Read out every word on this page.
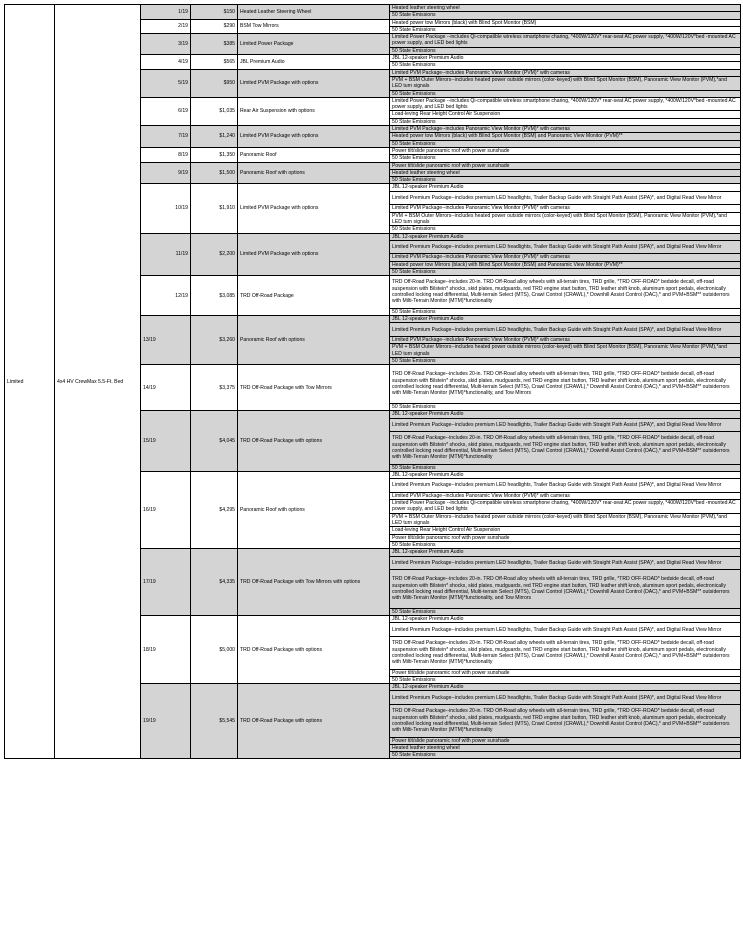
Limited	4x4 HV CrewMax 5.5-Ft. Bed	1/19	$150	Heated Leather Steering Wheel	Heated leather steering wheel
					50 State Emissions
		2/19	$290	BSM Tow Mirrors	Heated power tow Mirrors (black) with Blind Spot Monitor (BSM)
					50 State Emissions
		3/19	$385	Limited Power Package	Limited Power Package --includes Qi-compatible wireless smartphone charing, *400W/120V* rear-seat AC power supply, *400W/120V*bed -mounted AC power supply, and LED bed lights
					50 State Emissions
		4/19	$565	JBL Premium Audio	JBL 12-speaker Premium Audio
					50 State Emissions
		5/19	$950	Limited PVM Package with options	Limited PVM Package--includes Panoramic View Monitor (PVM)* with cameras
					PVM + BSM Outer Mirrors--includes heated power outside mirrors (color-keyed) with Blind Spot Monitor (BSM), Panoramic View Monitor (PVM),*and LED turn signals
					50 State Emissions
		6/19	$1,035	Rear Air Suspension with options	Limited Power Package --includes Qi-compatible wireless smartphone charing, *400W/120V* rear-seat AC power supply, *400W/120V*bed -mounted AC power supply, and LED bed lights
					Load-leving Rear Height Control Air Suspension
					50 State Emissions
		7/19	$1,240	Limited PVM Package with options	Limited PVM Package--includes Panoramic View Monitor (PVM)* with cameras
					Heated power tow Mirrors (black) with Blind Spot Monitor (BSM) and Panoramic View Monitor (PVM)**
					50 State Emissions
		8/19	$1,350	Panoramic Roof	Power tilt/slide panoramic roof with power sunshade
					50 State Emissions
		9/19	$1,500	Panoramic Roof with options	Power tilt/slide panoramic roof with power sunshade
					Heated leather steering wheel
					50 State Emissions
		10/19	$1,910	Limited PVM Package with options	JBL 12-speaker Premium Audio
					Limited Premium Package--includes premium LED headlights, Trailer Backup Guide with Straight Path Assist (SPA)*, and Digital Read View Mirror
					Limited PVM Package--includes Panoramic View Monitor (PVM)* with cameras
					PVM + BSM Outer Mirrors--includes heated power outside mirrors (color-keyed) with Blind Spot Monitor (BSM), Panoramic View Monitor (PVM),*and LED turn signals
					50 State Emissions
		11/19	$2,200	Limited PVM Package with options	JBL 12-speaker Premium Audio
					Limited Premium Package--includes premium LED headlights, Trailer Backup Guide with Straight Path Assist (SPA)*, and Digital Read View Mirror
					Limited PVM Package--includes Panoramic View Monitor (PVM)* with cameras
					Heated power tow Mirrors (black) with Blind Spot Monitor (BSM) and Panoramic View Monitor (PVM)**
					50 State Emissions
		12/19	$3,085	TRD Off-Road Package	TRD Off-Road Package--includes 20-in. TRD Off-Road alloy wheels with all-terrain tires, TRD grille, *TRD OFF-ROAD* bedside decall, off-road suspension with Bilstein* shocks, skid plates, mudguards, red TRD engine start button, TRD leather shift knob, aluminum sport pedals, electronically controlled locking read differential, Multi-terrain Select (MTS), Crawl Control (CRAWL),* Downhill Assist Control (DAC),* and PVM+BSM** outsiderrors with Milti-Terrain Monitor (MTM)*functionality
					50 State Emissions
		13/19	$3,260	Panoramic Roof with options	JBL 12-speaker Premium Audio
					Limited Premium Package--includes premium LED headlights, Trailer Backup Guide with Straight Path Assist (SPA)*, and Digital Read View Mirror
					Limited PVM Package--includes Panoramic View Monitor (PVM)* with cameras
					PVM + BSM Outer Mirrors--includes heated power outside mirrors (color-keyed) with Blind Spot Monitor (BSM), Panoramic View Monitor (PVM),*and LED turn signals
					50 State Emissions
		14/19	$3,375	TRD Off-Road Package with Tow Mirrors	TRD Off-Road Package--includes 20-in. TRD Off-Road alloy wheels with all-terrain tires, TRD grille, *TRD OFF-ROAD* bedside decall, off-road suspension with Bilstein* shocks, skid plates, mudguards, red TRD engine start button, TRD leather shift knob, aluminum sport pedals, electronically controlled locking read differential, Multi-terrain Select (MTS), Crawl Control (CRAWL),* Downhill Assist Control (DAC),* and PVM+BSM** outsiderrors with Milti-Terrain Monitor (MTM)*functionality, and Tow Mirrors
					50 State Emissions
		15/19	$4,045	TRD Off-Road Package with options	JBL 12-speaker Premium Audio
					Limited Premium Package--includes premium LED headlights, Trailer Backup Guide with Straight Path Assist (SPA)*, and Digital Read View Mirror
					TRD Off-Road Package--includes 20-in. TRD Off-Road alloy wheels with all-terrain tires, TRD grille, *TRD OFF-ROAD* bedside decall, off-road suspension with Bilstein* shocks, skid plates, mudguards, red TRD engine start button, TRD leather shift knob, aluminum sport pedals, electronically controlled locking read differential, Multi-terrain Select (MTS), Crawl Control (CRAWL),* Downhill Assist Control (DAC),* and PVM+BSM** outsiderrors with Milti-Terrain Monitor (MTM)*functionality
					50 State Emissions
		16/19	$4,295	Panoramic Roof with options	JBL 12-speaker Premium Audio
					Limited Premium Package--includes premium LED headlights, Trailer Backup Guide with Straight Path Assist (SPA)*, and Digital Read View Mirror
					Limited PVM Package--includes Panoramic View Monitor (PVM)* with cameras
					Limited Power Package --includes Qi-compatible wireless smartphone charing, *400W/120V* rear-seat AC power supply, *400W/120V*bed -mounted AC power supply, and LED bed lights
					PVM + BSM Outer Mirrors--includes heated power outside mirrors (color-keyed) with Blind Spot Monitor (BSM), Panoramic View Monitor (PVM),*and LED turn signals
					Load-leving Rear Height Control Air Suspension
					Power tilt/slide panoramic roof with power sunshade
					50 State Emissions
		17/19	$4,335	TRD Off-Road Package with Tow Mirrors with options	JBL 12-speaker Premium Audio
					Limited Premium Package--includes premium LED headlights, Trailer Backup Guide with Straight Path Assist (SPA)*, and Digital Read View Mirror
					TRD Off-Road Package--includes 20-in. TRD Off-Road alloy wheels with all-terrain tires, TRD grille, *TRD OFF-ROAD* bedside decall, off-road suspension with Bilstein* shocks, skid plates, mudguards, red TRD engine start button, TRD leather shift knob, aluminum sport pedals, electronically controlled locking read differential, Multi-terrain Select (MTS), Crawl Control (CRAWL),* Downhill Assist Control (DAC),* and PVM+BSM** outsiderrors with Milti-Terrain Monitor (MTM)*functionality, and Tow Mirrors
					50 State Emissions
		18/19	$5,000	TRD Off-Road Package with options	JBL 12-speaker Premium Audio
					Limited Premium Package--includes premium LED headlights, Trailer Backup Guide with Straight Path Assist (SPA)*, and Digital Read View Mirror
					TRD Off-Road Package--includes 20-in. TRD Off-Road alloy wheels with all-terrain tires, TRD grille, *TRD OFF-ROAD* bedside decall, off-road suspension with Bilstein* shocks, skid plates, mudguards, red TRD engine start button, TRD leather shift knob, aluminum sport pedals, electronically controlled locking read differential, Multi-terrain Select (MTS), Crawl Control (CRAWL),* Downhill Assist Control (DAC),* and PVM+BSM** outsiderrors with Milti-Terrain Monitor (MTM)*functionality
					Power tilt/slide panoramic roof with power sunshade
					50 State Emissions
		19/19	$5,545	TRD Off-Road Package with options	JBL 12-speaker Premium Audio
					Limited Premium Package--includes premium LED headlights, Trailer Backup Guide with Straight Path Assist (SPA)*, and Digital Read View Mirror
					TRD Off-Road Package--includes 20-in. TRD Off-Road alloy wheels with all-terrain tires, TRD grille, *TRD OFF-ROAD* bedside decall, off-road suspension with Bilstein* shocks, skid plates, mudguards, red TRD engine start button, TRD leather shift knob, aluminum sport pedals, electronically controlled locking read differential, Multi-terrain Select (MTS), Crawl Control (CRAWL),* Downhill Assist Control (DAC),* and PVM+BSM** outsiderrors with Milti-Terrain Monitor (MTM)*functionality
					Power tilt/slide panoramic roof with power sunshade
					Heated leather steering wheel
					50 State Emissions
